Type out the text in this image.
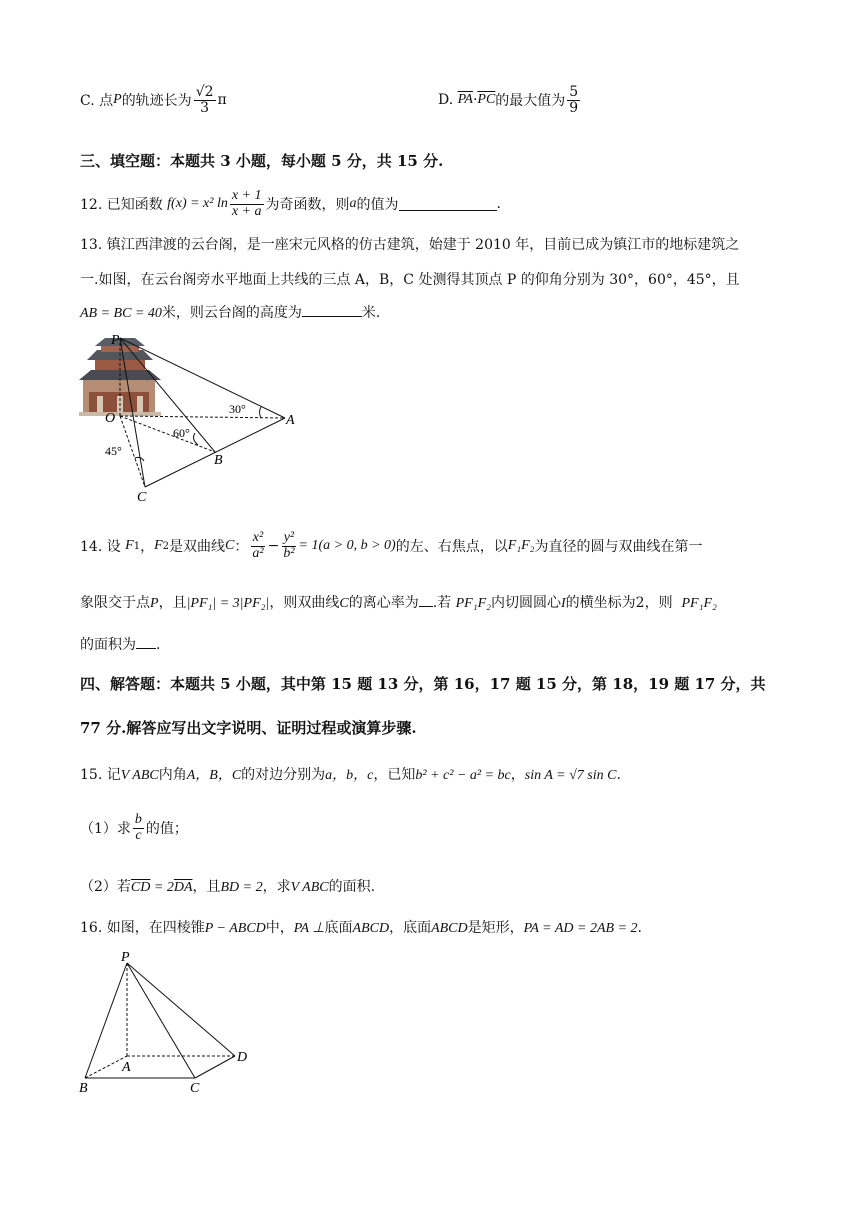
C. 点 P 的轨迹长为 $\frac{√2}{3}$ π	D.
$\overline{PA} \cdot \overline{PC}$ 的最大值为 $\frac{5}{9}$
三、填空题：本题共 3 小题，每小题 5 分，共 15 分.
12. 已知函数
f(x) = x² $\ln \frac{x + 1}{x + a}$ 为奇函数，则 a 的值为	.
13. 镇江西津渡的云台阁，是一座宋元风格的仿古建筑，始建于 2010 年，目前已成为镇江市的地标建筑之
一.如图，在云台阁旁水平地面上共线的三点 A，B，C 处测得其顶点 P 的仰角分别为 30°，60°，45°，且
AB = BC = 40米，则云台阁的高度为	米.
P
O	A
B
C
30°
60°
45°
14. 设
F 1 ， F 2 是双曲线 C ： $\frac{\text{x²}}{\text{a²}} - \frac{\text{y²}}{\text{b²}} = 1(a > 0$, b > 0) 的左、右焦点，以 F₁F₂ 为直径的圆与双曲线在第一
象限交于点P，且|PF₁| = 3|PF₂|，则双曲线C的离心率为 .若 PF₁F₂内切圆圆心I的横坐标为2，则 PF₁F₂
的面积为 .
四、解答题：本题共 5 小题，其中第 15 题 13 分，第 16，17 题 15 分，第 18，19 题 17 分，共
77 分.解答应写出文字说明、证明过程或演算步骤.
15. 记V ABC内角A，B，C的对边分别为a，b，c，已知b² + c² − a² = bc，sin A = √7 sin C.
（1）求 $\frac{b}{c}$ 的值；
（2）若$\overline{CD} = 2\overline{DA}$，且BD = 2，求V ABC的面积.
16. 如图，在四棱锥P − ABCD中，PA ⊥底面ABCD，底面ABCD是矩形，PA = AD = 2AB = 2.
P
A
B	C
D
